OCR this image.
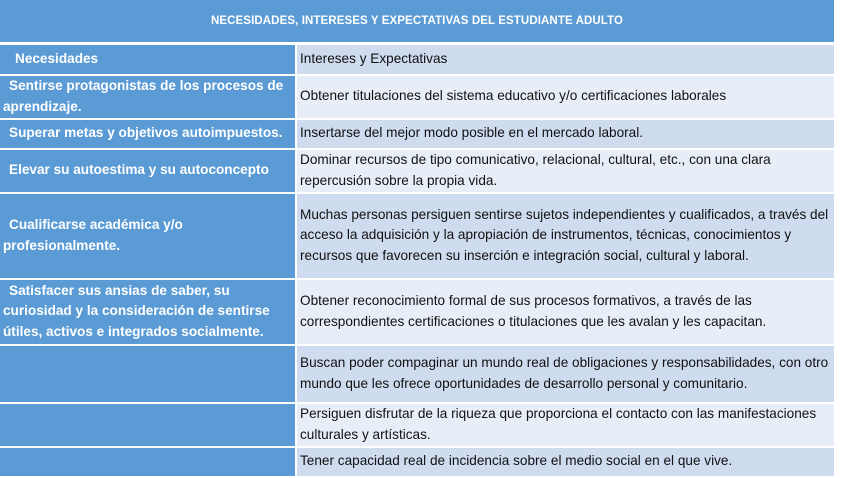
NECESIDADES, INTERESES Y EXPECTATIVAS DEL ESTUDIANTE ADULTO	

Necesidades	Intereses y Expectativas

Sentirse protagonistas de los procesos de aprendizaje.	Obtener titulaciones del sistema educativo y/o certificaciones laborales

Superar metas y objetivos autoimpuestos.	Insertarse del mejor modo posible en el mercado laboral.

Elevar su autoestima y su autoconcepto	Dominar recursos de tipo comunicativo, relacional, cultural, etc., con una clara repercusión sobre la propia vida.

Cualificarse académica y/o profesionalmente.	Muchas personas persiguen sentirse sujetos independientes y cualificados, a través del acceso la adquisición y la apropiación de instrumentos, técnicas, conocimientos y recursos que favorecen su inserción e integración social, cultural y laboral.

Satisfacer sus ansias de saber, su curiosidad y la consideración de sentirse útiles, activos e integrados socialmente.	Obtener reconocimiento formal de sus procesos formativos, a través de las correspondientes certificaciones o titulaciones que les avalan y les capacitan.

	Buscan poder compaginar un mundo real de obligaciones y responsabilidades, con otro mundo que les ofrece oportunidades de desarrollo personal y comunitario.

	Persiguen disfrutar de la riqueza que proporciona el contacto con las manifestaciones culturales y artísticas.

	Tener capacidad real de incidencia sobre el medio social en el que vive.
